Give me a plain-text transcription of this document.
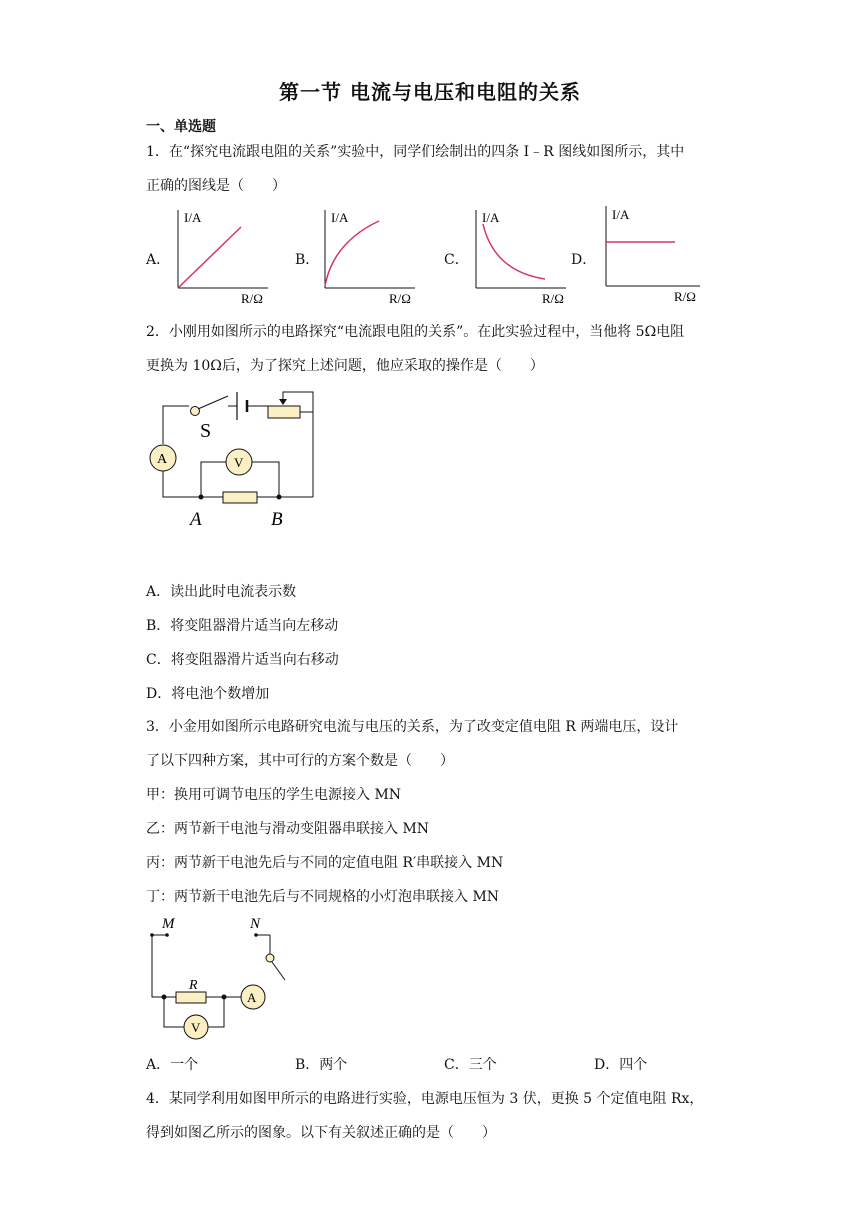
第一节 电流与电压和电阻的关系
一、单选题
1．在“探究电流跟电阻的关系”实验中，同学们绘制出的四条 I﹣R 图线如图所示，其中
正确的图线是（　　）
A．	B．	C．	D．
I/A
R/Ω
I/A
R/Ω
I/A
R/Ω
I/A
R/Ω
2．小刚用如图所示的电路探究“电流跟电阻的关系”。在此实验过程中，当他将 5Ω电阻
更换为 10Ω后，为了探究上述问题，他应采取的操作是（　　）
A	V
S
A	B
A．读出此时电流表示数
B．将变阻器滑片适当向左移动
C．将变阻器滑片适当向右移动
D．将电池个数增加
3．小金用如图所示电路研究电流与电压的关系，为了改变定值电阻 R 两端电压，设计
了以下四种方案，其中可行的方案个数是（　　）
甲：换用可调节电压的学生电源接入 MN
乙：两节新干电池与滑动变阻器串联接入 MN
丙：两节新干电池先后与不同的定值电阻 R′串联接入 MN
丁：两节新干电池先后与不同规格的小灯泡串联接入 MN
M	N
R
A
V
A．一个	B．两个	C．三个	D．四个
4．某同学利用如图甲所示的电路进行实验，电源电压恒为 3 伏，更换 5 个定值电阻 Rx，
得到如图乙所示的图象。以下有关叙述正确的是（　　）
